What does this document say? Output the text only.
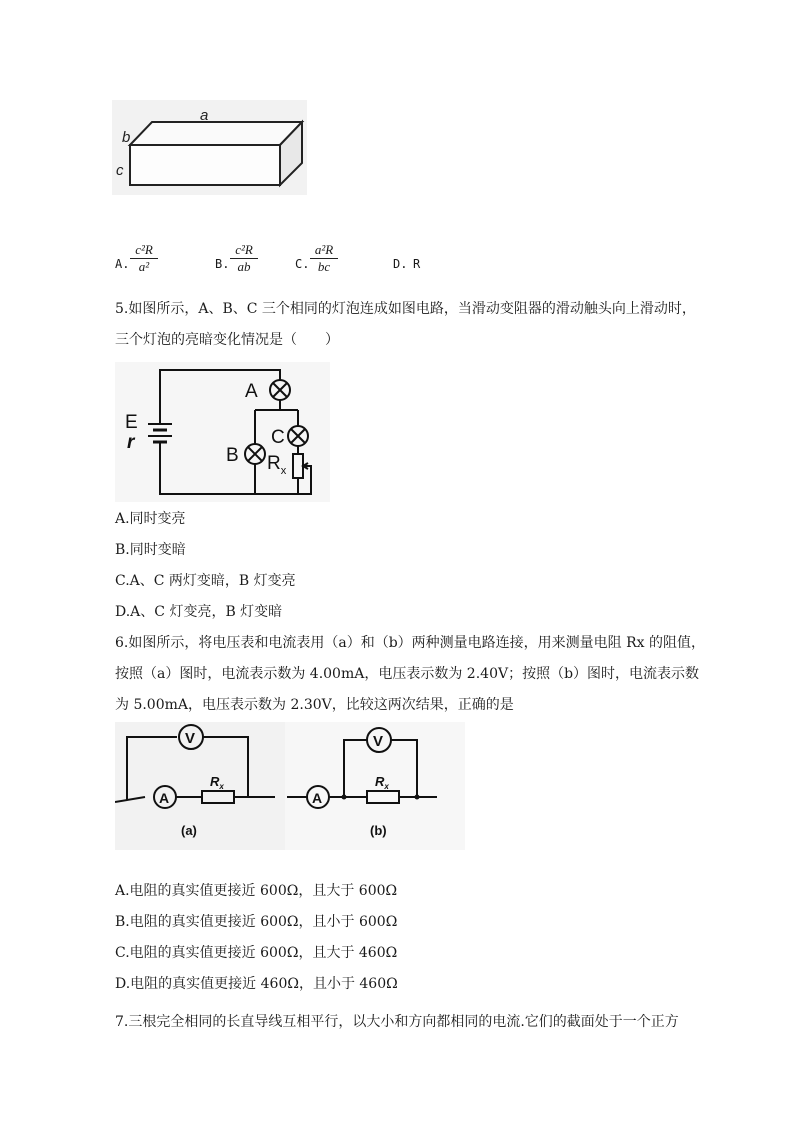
a
b
c
A. $\frac{\text{c²R}}{\text{a²}}$	B. $\frac{\text{c²R}}{ab}$	C. $\frac{\text{a²R}}{bc}$	D. R
5.如图所示，A、B、C 三个相同的灯泡连成如图电路，当滑动变阻器的滑动触头向上滑动时，
三个灯泡的亮暗变化情况是（　　）
E
r
A
B
C
$R_x$
A.同时变亮
B.同时变暗
C.A、C 两灯变暗，B 灯变亮
D.A、C 灯变亮，B 灯变暗
6.如图所示，将电压表和电流表用（a）和（b）两种测量电路连接，用来测量电阻 Rx 的阻值，
按照（a）图时，电流表示数为 4.00mA，电压表示数为 2.40V；按照（b）图时，电流表示数
为 5.00mA，电压表示数为 2.30V，比较这两次结果，正确的是
V
A
$R_x$
(a)
V
A
$R_x$
(b)
A.电阻的真实值更接近 600Ω，且大于 600Ω
B.电阻的真实值更接近 600Ω，且小于 600Ω
C.电阻的真实值更接近 600Ω，且大于 460Ω
D.电阻的真实值更接近 460Ω，且小于 460Ω
7.三根完全相同的长直导线互相平行，以大小和方向都相同的电流.它们的截面处于一个正方
